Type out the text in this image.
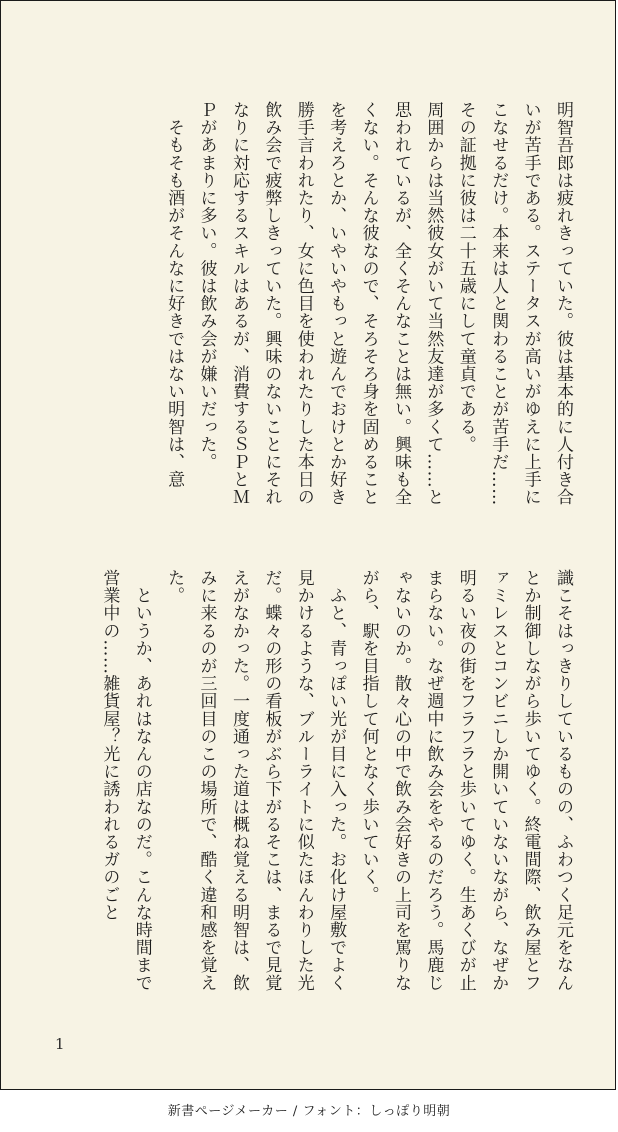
明智吾郎は疲れきっていた。彼は基本的に人付き合いが苦手である。ステータスが高いがゆえに上手にこなせるだけ。本来は人と関わることが苦手だ……その証拠に彼は二十五歳にして童貞である。

周囲からは当然彼女がいて当然友達が多くて……と思われているが、全くそんなことは無い。興味も全くない。そんな彼なので、そろそろ身を固めることを考えろとか、いやいやもっと遊んでおけとか好き勝手言われたり、女に色目を使われたりした本日の飲み会で疲弊しきっていた。興味のないことにそれなりに対応するスキルはあるが、消費するＳＰとＭＰがあまりに多い。彼は飲み会が嫌いだった。

　そもそも酒がそんなに好きではない明智は、意

識こそはっきりしているものの、ふわつく足元をなんとか制御しながら歩いてゆく。終電間際、飲み屋とファミレスとコンビニしか開いていないながら、なぜか明るい夜の街をフラフラと歩いてゆく。生あくびが止まらない。なぜ週中に飲み会をやるのだろう。馬鹿じゃないのか。散々心の中で飲み会好きの上司を罵りながら、駅を目指して何となく歩いていく。

　ふと、青っぽい光が目に入った。お化け屋敷でよく見かけるような、ブルーライトに似たほんわりした光だ。蝶々の形の看板がぶら下がるそこは、まるで見覚えがなかった。一度通った道は概ね覚える明智は、飲みに来るのが三回目のこの場所で、酷く違和感を覚えた。

　というか、あれはなんの店なのだ。こんな時間まで営業中の……雑貨屋？光に誘われるガのごと

1
新書ページメーカー / フォント：しっぽり明朝
